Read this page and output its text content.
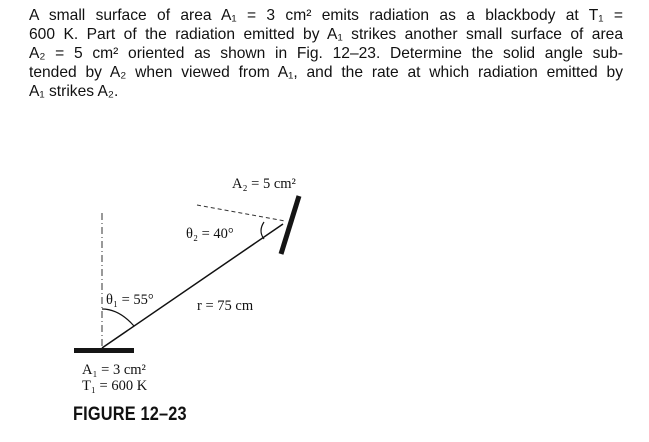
A small surface of area A₁ = 3 cm² emits radiation as a blackbody at T₁ =
600 K. Part of the radiation emitted by A₁ strikes another small surface of area
A₂ = 5 cm² oriented as shown in Fig. 12–23. Determine the solid angle sub-
tended by A₂ when viewed from A₁, and the rate at which radiation emitted by
A₁ strikes A₂.
A₂ = 5 cm²
θ₂ = 40°
θ₁ = 55°	r = 75 cm
A₁ = 3 cm²
T₁ = 600 K
FIGURE 12–23
